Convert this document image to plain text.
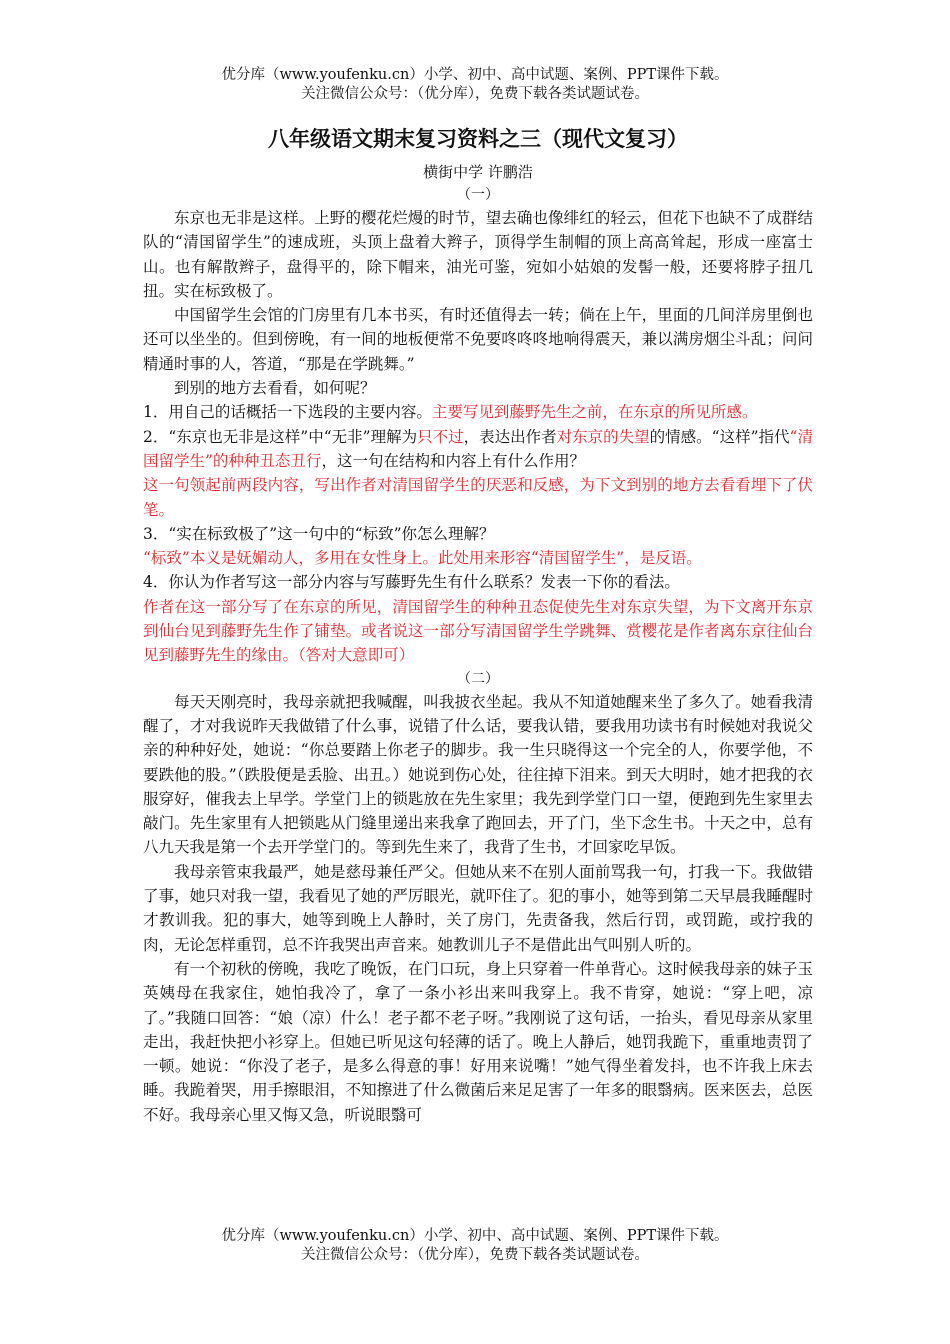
优分库（www.youfenku.cn）小学、初中、高中试题、案例、PPT课件下载。
关注微信公众号：（优分库），免费下载各类试题试卷。
八年级语文期末复习资料之三（现代文复习）
横街中学 许鹏浩
（一）

东京也无非是这样。上野的樱花烂熳的时节，望去确也像绯红的轻云，但花下也缺不了成群结队的“清国留学生”的速成班，头顶上盘着大辫子，顶得学生制帽的顶上高高耸起，形成一座富士山。也有解散辫子，盘得平的，除下帽来，油光可鉴，宛如小姑娘的发髻一般，还要将脖子扭几扭。实在标致极了。

中国留学生会馆的门房里有几本书买，有时还值得去一转；倘在上午，里面的几间洋房里倒也还可以坐坐的。但到傍晚，有一间的地板便常不免要咚咚咚地响得震天，兼以满房烟尘斗乱；问问精通时事的人，答道，“那是在学跳舞。”

到别的地方去看看，如何呢？

1．用自己的话概括一下选段的主要内容。主要写见到藤野先生之前，在东京的所见所感。

2．“东京也无非是这样”中“无非”理解为只不过，表达出作者对东京的失望的情感。“这样”指代“清国留学生”的种种丑态丑行，这一句在结构和内容上有什么作用？

这一句领起前两段内容，写出作者对清国留学生的厌恶和反感，为下文到别的地方去看看埋下了伏笔。

3．“实在标致极了”这一句中的“标致”你怎么理解？

“标致”本义是妩媚动人，多用在女性身上。此处用来形容“清国留学生”，是反语。

4．你认为作者写这一部分内容与写藤野先生有什么联系？发表一下你的看法。

作者在这一部分写了在东京的所见，清国留学生的种种丑态促使先生对东京失望，为下文离开东京到仙台见到藤野先生作了铺垫。或者说这一部分写清国留学生学跳舞、赏樱花是作者离东京往仙台见到藤野先生的缘由。（答对大意即可）

（二）

每天天刚亮时，我母亲就把我喊醒，叫我披衣坐起。我从不知道她醒来坐了多久了。她看我清醒了，才对我说昨天我做错了什么事，说错了什么话，要我认错，要我用功读书有时候她对我说父亲的种种好处，她说：“你总要踏上你老子的脚步。我一生只晓得这一个完全的人，你要学他，不要跌他的股。”（跌股便是丢脸、出丑。）她说到伤心处，往往掉下泪来。到天大明时，她才把我的衣服穿好，催我去上早学。学堂门上的锁匙放在先生家里；我先到学堂门口一望，便跑到先生家里去敲门。先生家里有人把锁匙从门缝里递出来我拿了跑回去，开了门，坐下念生书。十天之中，总有八九天我是第一个去开学堂门的。等到先生来了，我背了生书，才回家吃早饭。

我母亲管束我最严，她是慈母兼任严父。但她从来不在别人面前骂我一句，打我一下。我做错了事，她只对我一望，我看见了她的严厉眼光，就吓住了。犯的事小，她等到第二天早晨我睡醒时才教训我。犯的事大，她等到晚上人静时，关了房门，先责备我，然后行罚，或罚跪，或拧我的肉，无论怎样重罚，总不许我哭出声音来。她教训儿子不是借此出气叫别人听的。

有一个初秋的傍晚，我吃了晚饭，在门口玩，身上只穿着一件单背心。这时候我母亲的妹子玉英姨母在我家住，她怕我冷了，拿了一条小衫出来叫我穿上。我不肯穿，她说：“穿上吧，凉了。”我随口回答：“娘（凉）什么！老子都不老子呀。”我刚说了这句话，一抬头，看见母亲从家里走出，我赶快把小衫穿上。但她已听见这句轻薄的话了。晚上人静后，她罚我跪下，重重地责罚了一顿。她说：“你没了老子，是多么得意的事！好用来说嘴！”她气得坐着发抖，也不许我上床去睡。我跪着哭，用手擦眼泪，不知擦进了什么微菌后来足足害了一年多的眼翳病。医来医去，总医不好。我母亲心里又悔又急，听说眼翳可

优分库（www.youfenku.cn）小学、初中、高中试题、案例、PPT课件下载。
关注微信公众号：（优分库），免费下载各类试题试卷。
